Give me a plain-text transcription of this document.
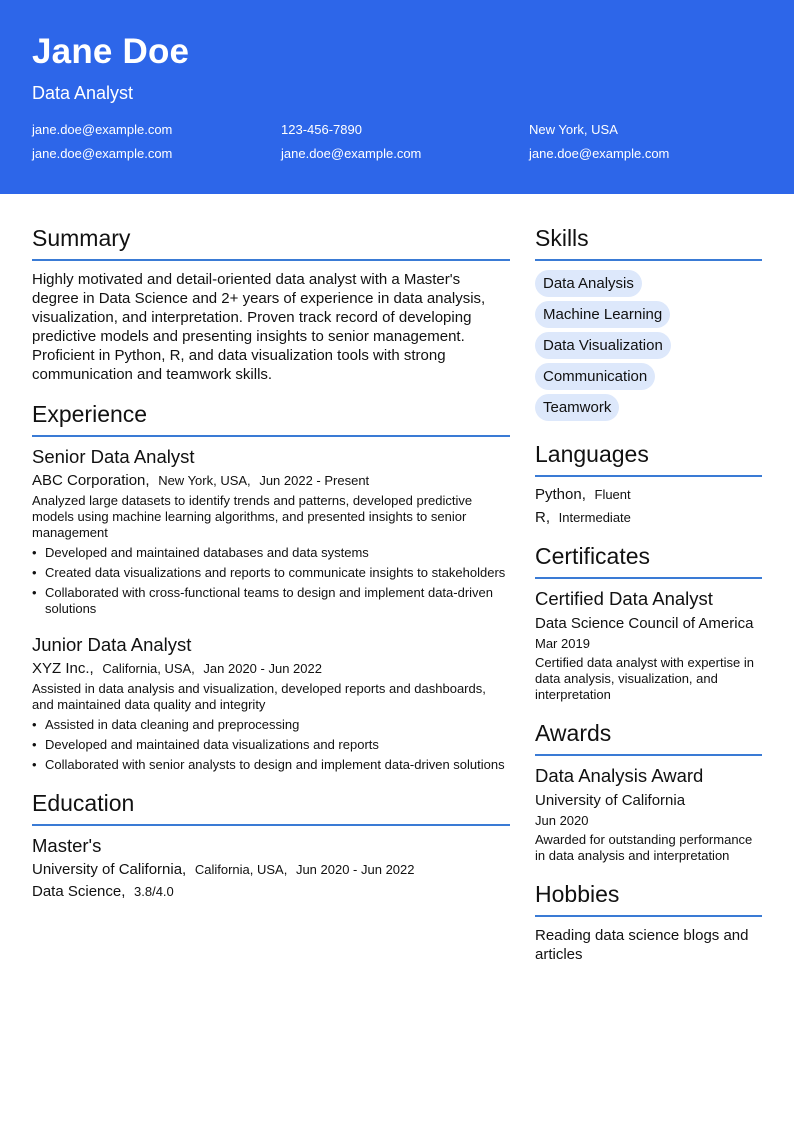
Jane Doe
Data Analyst
jane.doe@example.com	123-456-7890	New York, USA
jane.doe@example.com	jane.doe@example.com	jane.doe@example.com
Summary
Highly motivated and detail-oriented data analyst with a Master's degree in Data Science and 2+ years of experience in data analysis, visualization, and interpretation. Proven track record of developing predictive models and presenting insights to senior management. Proficient in Python, R, and data visualization tools with strong communication and teamwork skills.
Experience
Senior Data Analyst
ABC Corporation, New York, USA, Jun 2022 - Present
Analyzed large datasets to identify trends and patterns, developed predictive models using machine learning algorithms, and presented insights to senior management
• Developed and maintained databases and data systems
• Created data visualizations and reports to communicate insights to stakeholders
• Collaborated with cross-functional teams to design and implement data-driven solutions
Junior Data Analyst
XYZ Inc., California, USA, Jan 2020 - Jun 2022
Assisted in data analysis and visualization, developed reports and dashboards, and maintained data quality and integrity
• Assisted in data cleaning and preprocessing
• Developed and maintained data visualizations and reports
• Collaborated with senior analysts to design and implement data-driven solutions
Education
Master's
University of California, California, USA, Jun 2020 - Jun 2022
Data Science, 3.8/4.0
Skills
Data Analysis
Machine Learning
Data Visualization
Communication
Teamwork
Languages
Python, Fluent
R, Intermediate
Certificates
Certified Data Analyst
Data Science Council of America
Mar 2019
Certified data analyst with expertise in data analysis, visualization, and interpretation
Awards
Data Analysis Award
University of California
Jun 2020
Awarded for outstanding performance in data analysis and interpretation
Hobbies
Reading data science blogs and articles
